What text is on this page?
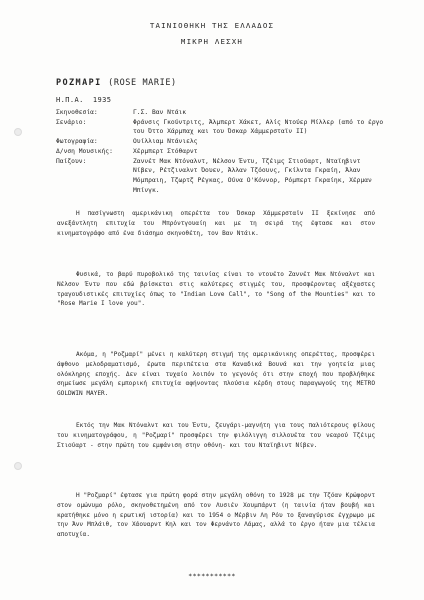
ΤΑΙΝΙΟΘΗΚΗ ΤΗΣ ΕΛΛΑΔΟΣ
ΜΙΚΡΗ ΛΕΣΧΗ
ΡΟΖΜΑΡΙ (ROSE MARIE)
Η.Π.Α.  1935
Σκηνοθεσία:	Γ.Σ. Βαν Ντάικ
Σενάριο:	Φράνσις Γκούντριτς, Άλμπερτ Χάκετ, Αλίς Ντούερ Μίλλερ (από το έργο του Όττο Χάρμπαχ και του Όσκαρ Χάμμερσταϊν ΙΙ)
Φωτογραφία:	Ουίλλιαμ Ντάνιελς
Δ/νση Μουσικής:	Χέρμπερτ Στόθαρντ
Παίζουν:	Ζαννέτ Μακ Ντόναλντ, Νέλσον Έντυ, Τζέιμς Στιούαρτ, Νταϊηβιντ Νίβεν, Ρέτζιναλντ Όουεν, Άλλαν Τζόουνς, Γκίλντα Γκραίη, Άλαν Μόμπραιη, Τζωρτζ Ρέγκας, Ούνα Ο'Κόννορ, Ρόμπερτ Γκραίηκ, Χέρμαν Μπίνγκ.

Η πασίγνωστη αμερικάνικη οπερέττα του Όσκαρ Χάμμερσταϊν ΙΙ ξεκίνησε από ανεξάντλητη επιτυχία του Μπρόντγουαίη και με τη σειρά της έφτασε και στον κινηματογράφο από ένα διάσημο σκηνοθέτη, τον Βαν Ντάικ.

Φυσικά, το βαρύ πυροβολικό της ταινίας είναι το ντουέτο Ζαννέτ Μακ Ντόναλντ και Νέλσον Έντυ που εδώ βρίσκεται στις καλύτερες στιγμές του, προσφέροντας αξέχαστες τραγουδιστικές επιτυχίες όπως το "Indian Love Call", το "Song of the Mounties" και το "Rose Marie I love you".

Ακόμα, η "Ροζμαρί" μένει η καλύτερη στιγμή της αμερικάνικης οπερέττας, προσφέρει άφθονο μελοδραματισμό, έρωτα περιπέτεια στα Καναδικά Βουνά και την γοητεία μιας ολόκληρης εποχής. Δεν είναι τυχαίο λοιπόν το γεγονός ότι στην εποχή που προβλήθηκε σημείωσε μεγάλη εμπορική επιτυχία αφήνοντας πλούσια κέρδη στους παραγωγούς της METRO GOLDWIN MAYER.

Εκτός την Μακ Ντόναλντ και του Έντυ, ζευγάρι-μαγνήτη για τους παλιότερους φίλους του κινηματογράφου, η "Ροζμαρί" προσφέρει την φιλόλιγγη σιλλουέτα του νεαρού Τζέιμς Στιούαρτ - στην πρώτη του εμφάνιση στην οθόνη- και του Νταϊηβιντ Νίβεν.

Η "Ροζμαρί" έφτασε για πρώτη φορά στην μεγάλη οθόνη το 1928 με την Τζόαν Κρώφορντ στον ομώνυμο ρόλο, σκηνοθετημένη από τον Λυσιέν Χουμπάρντ (η ταινία ήταν βουβή και κρατήθηκε μόνο η ερωτική ιστορία) και το 1954 ο Μέρβιν Λη Ρόυ το ξαναγύρισε έγχρωμο με την Άνν Μπλάιθ, τον Χάουαρντ Κηλ και τον Φερνάντο Λάμας, αλλά το έργο ήταν μια τέλεια αποτυχία.

***********
